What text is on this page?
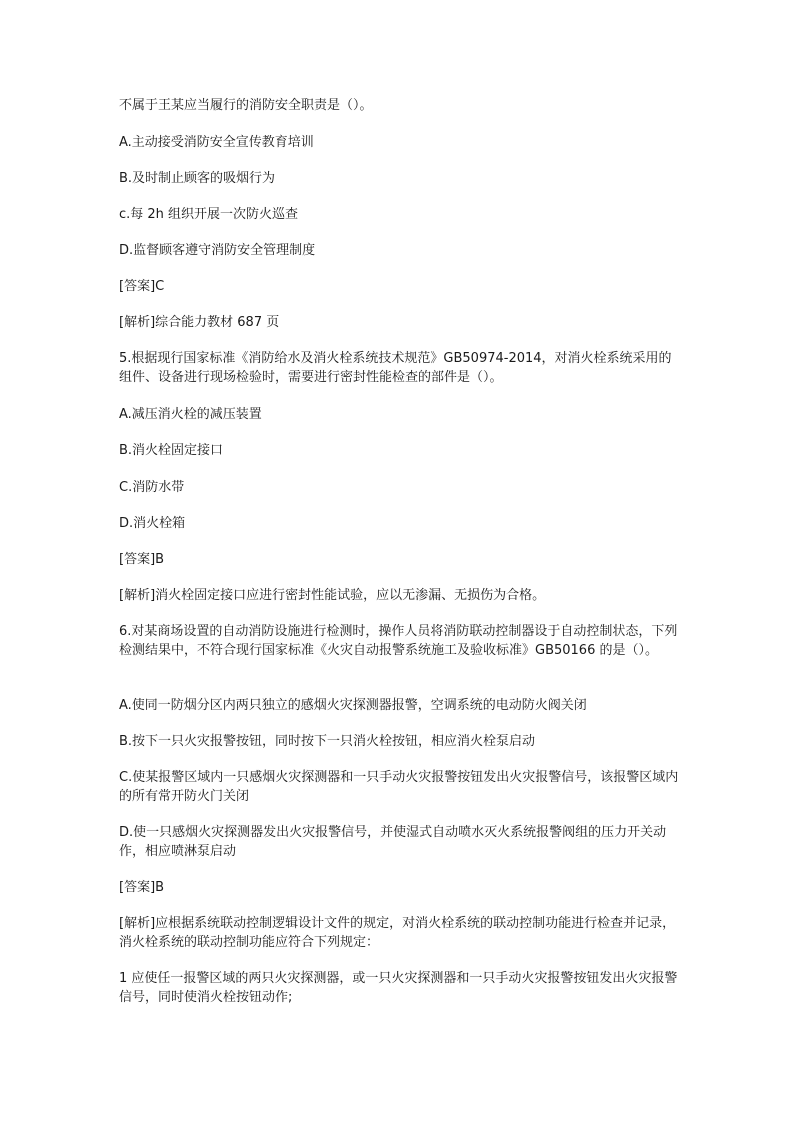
不属于王某应当履行的消防安全职责是（）。

A.主动接受消防安全宣传教育培训

B.及时制止顾客的吸烟行为

c.每 2h 组织开展一次防火巡查

D.监督顾客遵守消防安全管理制度

[答案]C

[解析]综合能力教材 687 页

5.根据现行国家标准《消防给水及消火栓系统技术规范》GB50974-2014，对消火栓系统采用的组件、设备进行现场检验时，需要进行密封性能检查的部件是（）。

A.减压消火栓的减压装置

B.消火栓固定接口

C.消防水带

D.消火栓箱

[答案]B

[解析]消火栓固定接口应进行密封性能试验，应以无渗漏、无损伤为合格。

6.对某商场设置的自动消防设施进行检测时，操作人员将消防联动控制器设于自动控制状态，下列检测结果中，不符合现行国家标准《火灾自动报警系统施工及验收标准》GB50166 的是（）。

A.使同一防烟分区内两只独立的感烟火灾探测器报警，空调系统的电动防火阀关闭

B.按下一只火灾报警按钮，同时按下一只消火栓按钮，相应消火栓泵启动

C.使某报警区域内一只感烟火灾探测器和一只手动火灾报警按钮发出火灾报警信号，该报警区域内的所有常开防火门关闭

D.使一只感烟火灾探测器发出火灾报警信号，并使湿式自动喷水灭火系统报警阀组的压力开关动作，相应喷淋泵启动

[答案]B

[解析]应根据系统联动控制逻辑设计文件的规定，对消火栓系统的联动控制功能进行检查并记录，消火栓系统的联动控制功能应符合下列规定：

1 应使任一报警区域的两只火灾探测器，或一只火灾探测器和一只手动火灾报警按钮发出火灾报警信号，同时使消火栓按钮动作;
